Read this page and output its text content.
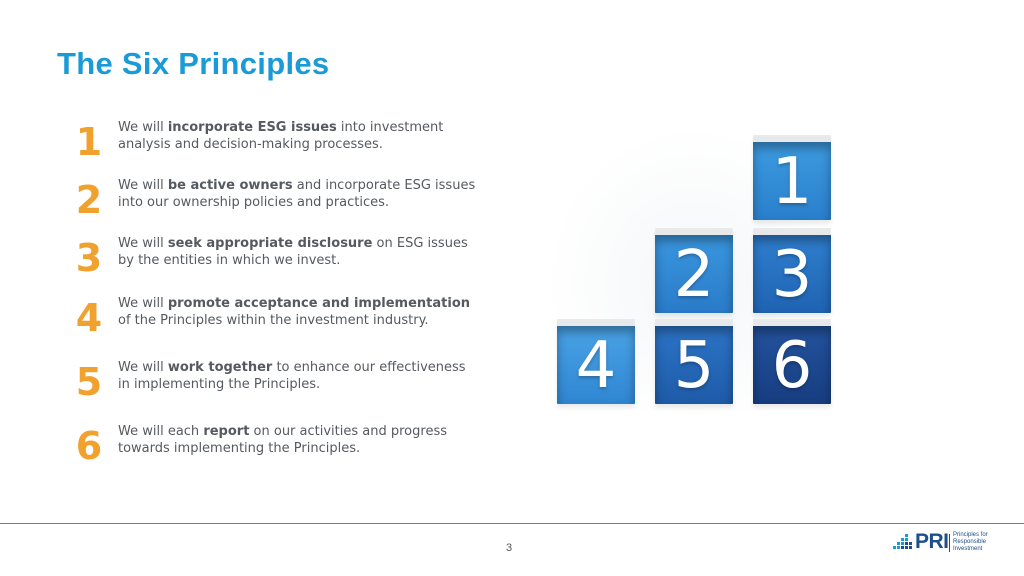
The Six Principles
1 We will incorporate ESG issues into investment
analysis and decision-making processes.
2 We will be active owners and incorporate ESG issues
into our ownership policies and practices.
3 We will seek appropriate disclosure on ESG issues
by the entities in which we invest.
4 We will promote acceptance and implementation
of the Principles within the investment industry.
5 We will work together to enhance our effectiveness
in implementing the Principles.
6 We will each report on our activities and progress
towards implementing the Principles.
1
2 3
4 5 6
3	PRI Principles for
Responsible
Investment
